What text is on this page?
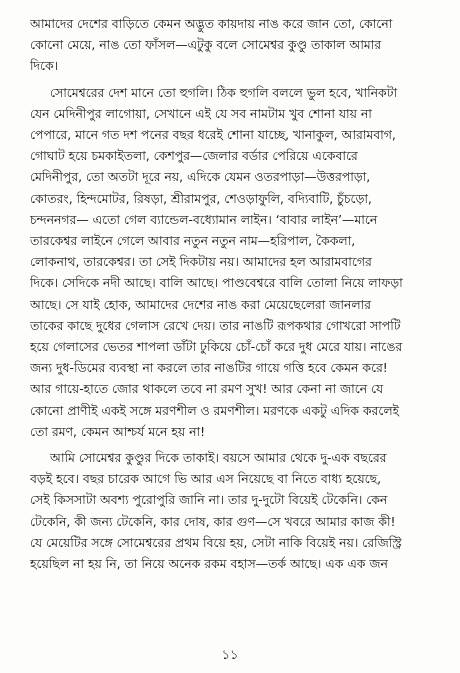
আমাদের দেশের বাড়িতে কেমন অদ্ভুত কায়দায় নাঙ করে জান তো, কোনো
কোনো মেয়ে, নাঙ তো ফাঁসল—এটুকু বলে সোমেশ্বর কুণ্ডু তাকাল আমার
দিকে।
সোমেশ্বরের দেশ মানে তো হুগলি। ঠিক হুগলি বললে ভুল হবে, খানিকটা
যেন মেদিনীপুর লাগোয়া, সেখানে এই যে সব নামটাম খুব শোনা যায় না
পেপারে, মানে গত দশ পনের বছর ধরেই শোনা যাচ্ছে, খানাকুল, আরামবাগ,
গোঘাট হয়ে চমকাইতলা, কেশপুর—জেলার বর্ডার পেরিয়ে একেবারে
মেদিনীপুর, তো অতটা দূরে নয়, এদিকে যেমন ওতরপাড়া—উত্তরপাড়া,
কোতরং, হিন্দমোটর, রিষড়া, শ্রীরামপুর, শেওড়াফুলি, বদ্যিবাটি, চুঁচড়ো,
চন্দননগর— এতো গেল ব্যান্ডেল-বধ্যোমান লাইন। ‘বাবার লাইন’—মানে
তারকেশ্বর লাইনে গেলে আবার নতুন নতুন নাম—হরিপাল, কৈকলা,
লোকনাথ, তারকেশ্বর। তা সেই দিকটায় নয়। আমাদের হল আরামবাগের
দিকে। সেদিকে নদী আছে। বালি আছে। পাণ্ডবেশ্বরে বালি তোলা নিয়ে লাফড়া
আছে। সে যাই হোক, আমাদের দেশের নাঙ করা মেয়েছেলেরা জানলার
তাকের কাছে দুধের গেলাস রেখে দেয়। তার নাঙটি রূপকথার গোখরো সাপটি
হয়ে গেলাসের ভেতর শাপলা ডাঁটা ঢুকিয়ে চোঁ-চোঁ করে দুধ মেরে যায়। নাঙের
জন্য দুধ-ডিমের ব্যবস্থা না করলে তার নাঙটির গায়ে গত্তি হবে কেমন করে!
আর গায়ে-হাতে জোর থাকলে তবে না রমণ সুখ! আর কেনা না জানে যে
কোনো প্রাণীই একই সঙ্গে মরণশীল ও রমণশীল। মরণকে একটু এদিক করলেই
তো রমণ, কেমন আশ্চর্য মনে হয় না!
আমি সোমেশ্বর কুণ্ডুর দিকে তাকাই। বয়সে আমার থেকে দু-এক বছরের
বড়ই হবে। বছর চারেক আগে ভি আর এস নিয়েছে বা নিতে বাধ্য হয়েছে,
সেই কিসসাটা অবশ্য পুরোপুরি জানি না। তার দু-দুটো বিয়েই টেকেনি। কেন
টেকেনি, কী জন্য টেকেনি, কার দোষ, কার গুণ—সে খবরে আমার কাজ কী!
যে মেয়েটির সঙ্গে সোমেশ্বরের প্রথম বিয়ে হয়, সেটা নাকি বিয়েই নয়। রেজিস্ট্রি
হয়েছিল না হয় নি, তা নিয়ে অনেক রকম বহাস—তর্ক আছে। এক এক জন
১১
